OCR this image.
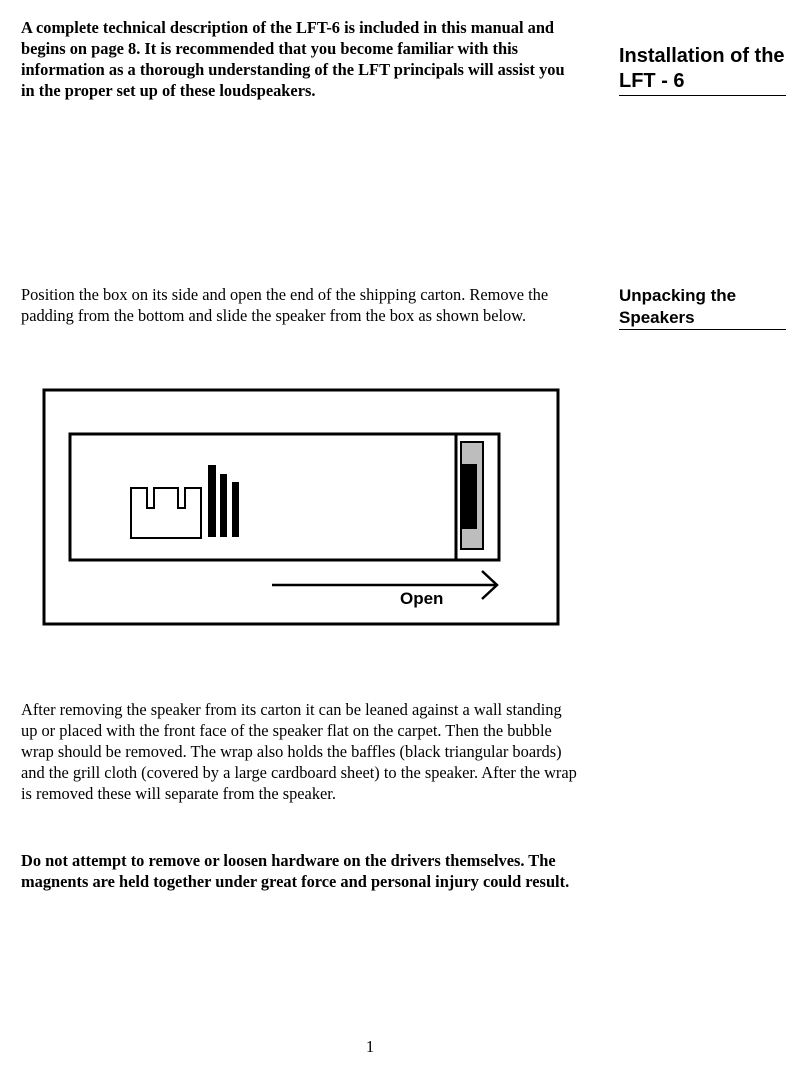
A complete technical description of the LFT-6 is included in this manual and begins on page 8. It is recommended that you become familiar with this information as a thorough understanding of the LFT principals will assist you in the proper set up of these loudspeakers.

Installation of the LFT - 6

Position the box on its side and open the end of the shipping carton. Remove the padding from the bottom and slide the speaker from the box as shown below.

Unpacking the Speakers
Open

After removing the speaker from its carton it can be leaned against a wall standing up or placed with the front face of the speaker flat on the carpet. Then the bubble wrap should be removed. The wrap also holds the baffles (black triangular boards) and the grill cloth (covered by a large cardboard sheet) to the speaker. After the wrap is removed these will separate from the speaker.

Do not attempt to remove or loosen hardware on the drivers themselves. The magnents are held together under great force and personal injury could result.

1
